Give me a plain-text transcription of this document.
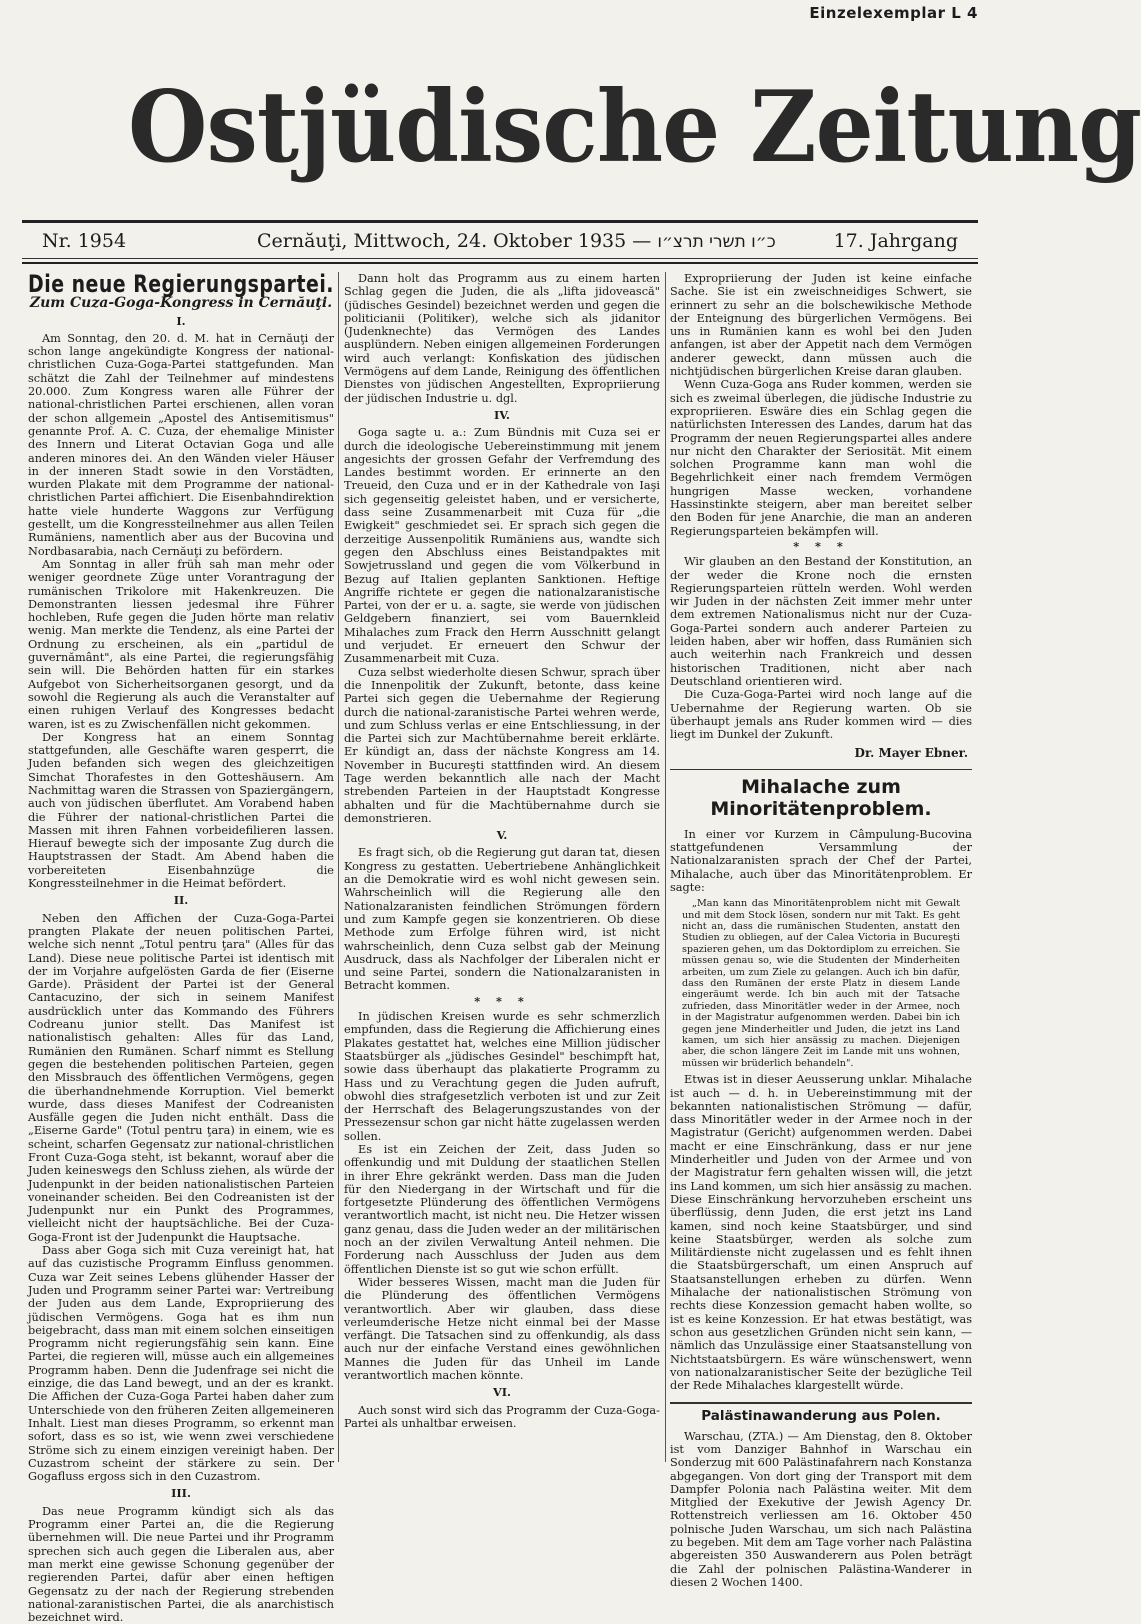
Einzelexemplar L 4
Ostjüdische Zeitung
Nr. 1954	Cernăuţi, Mittwoch, 24. Oktober 1935 — כ״ו תשרי תרצ״ו	17. Jahrgang
Die neue Regierungspartei.
Zum Cuza-Goga-Kongress in Cernăuţi.

I.

Am Sonntag, den 20. d. M. hat in Cernăuţi der schon lange angekündigte Kongress der national-christlichen Cuza-Goga-Partei stattgefunden. Man schätzt die Zahl der Teilnehmer auf mindestens 20.000. Zum Kongress waren alle Führer der national-christlichen Partei erschienen, allen voran der schon allgemein „Apostel des Antisemitismus" genannte Prof. A. C. Cuza, der ehemalige Minister des Innern und Literat Octavian Goga und alle anderen minores dei. An den Wänden vieler Häuser in der inneren Stadt sowie in den Vorstädten, wurden Plakate mit dem Programme der national-christlichen Partei affichiert. Die Eisenbahndirektion hatte viele hunderte Waggons zur Verfügung gestellt, um die Kongressteilnehmer aus allen Teilen Rumäniens, namentlich aber aus der Bucovina und Nordbasarabia, nach Cernăuţi zu befördern.

Am Sonntag in aller früh sah man mehr oder weniger geordnete Züge unter Vorantragung der rumänischen Trikolore mit Hakenkreuzen. Die Demonstranten liessen jedesmal ihre Führer hochleben, Rufe gegen die Juden hörte man relativ wenig. Man merkte die Tendenz, als eine Partei der Ordnung zu erscheinen, als ein „partidul de guvernământ", als eine Partei, die regierungsfähig sein will. Die Behörden hatten für ein starkes Aufgebot von Sicherheitsorganen gesorgt, und da sowohl die Regierung als auch die Veranstalter auf einen ruhigen Verlauf des Kongresses bedacht waren, ist es zu Zwischenfällen nicht gekommen.

Der Kongress hat an einem Sonntag stattgefunden, alle Geschäfte waren gesperrt, die Juden befanden sich wegen des gleichzeitigen Simchat Thorafestes in den Gotteshäusern. Am Nachmittag waren die Strassen von Spaziergängern, auch von jüdischen überflutet. Am Vorabend haben die Führer der national-christlichen Partei die Massen mit ihren Fahnen vorbeidefilieren lassen. Hierauf bewegte sich der imposante Zug durch die Hauptstrassen der Stadt. Am Abend haben die vorbereiteten Eisenbahnzüge die Kongressteilnehmer in die Heimat befördert.

II.

Neben den Affichen der Cuza-Goga-Partei prangten Plakate der neuen politischen Partei, welche sich nennt „Totul pentru ţara" (Alles für das Land). Diese neue politische Partei ist identisch mit der im Vorjahre aufgelösten Garda de fier (Eiserne Garde). Präsident der Partei ist der General Cantacuzino, der sich in seinem Manifest ausdrücklich unter das Kommando des Führers Codreanu junior stellt. Das Manifest ist nationalistisch gehalten: Alles für das Land, Rumänien den Rumänen. Scharf nimmt es Stellung gegen die bestehenden politischen Parteien, gegen den Missbrauch des öffentlichen Vermögens, gegen die überhandnehmende Korruption. Viel bemerkt wurde, dass dieses Manifest der Codreanisten Ausfälle gegen die Juden nicht enthält. Dass die „Eiserne Garde" (Totul pentru ţara) in einem, wie es scheint, scharfen Gegensatz zur national-christlichen Front Cuza-Goga steht, ist bekannt, worauf aber die Juden keineswegs den Schluss ziehen, als würde der Judenpunkt in der beiden nationalistischen Parteien voneinander scheiden. Bei den Codreanisten ist der Judenpunkt nur ein Punkt des Programmes, vielleicht nicht der hauptsächliche. Bei der Cuza-Goga-Front ist der Judenpunkt die Hauptsache.

Dass aber Goga sich mit Cuza vereinigt hat, hat auf das cuzistische Programm Einfluss genommen. Cuza war Zeit seines Lebens glühender Hasser der Juden und Programm seiner Partei war: Vertreibung der Juden aus dem Lande, Expropriierung des jüdischen Vermögens. Goga hat es ihm nun beigebracht, dass man mit einem solchen einseitigen Programm nicht regierungsfähig sein kann. Eine Partei, die regieren will, müsse auch ein allgemeines Programm haben. Denn die Judenfrage sei nicht die einzige, die das Land bewegt, und an der es krankt. Die Affichen der Cuza-Goga Partei haben daher zum Unterschiede von den früheren Zeiten allgemeineren Inhalt. Liest man dieses Programm, so erkennt man sofort, dass es so ist, wie wenn zwei verschiedene Ströme sich zu einem einzigen vereinigt haben. Der Cuzastrom scheint der stärkere zu sein. Der Gogafluss ergoss sich in den Cuzastrom.

III.

Das neue Programm kündigt sich als das Programm einer Partei an, die die Regierung übernehmen will. Die neue Partei und ihr Programm sprechen sich auch gegen die Liberalen aus, aber man merkt eine gewisse Schonung gegenüber der regierenden Partei, dafür aber einen heftigen Gegensatz zu der nach der Regierung strebenden national-zaranistischen Partei, die als anarchistisch bezeichnet wird.

Dann holt das Programm aus zu einem harten Schlag gegen die Juden, die als „lifta jidovească" (jüdisches Gesindel) bezeichnet werden und gegen die politicianii (Politiker), welche sich als jidanitor (Judenknechte) das Vermögen des Landes ausplündern. Neben einigen allgemeinen Forderungen wird auch verlangt: Konfiskation des jüdischen Vermögens auf dem Lande, Reinigung des öffentlichen Dienstes von jüdischen Angestellten, Expropriierung der jüdischen Industrie u. dgl.

IV.

Goga sagte u. a.: Zum Bündnis mit Cuza sei er durch die ideologische Uebereinstimmung mit jenem angesichts der grossen Gefahr der Verfremdung des Landes bestimmt worden. Er erinnerte an den Treueid, den Cuza und er in der Kathedrale von Iaşi sich gegenseitig geleistet haben, und er versicherte, dass seine Zusammenarbeit mit Cuza für „die Ewigkeit" geschmiedet sei. Er sprach sich gegen die derzeitige Aussenpolitik Rumäniens aus, wandte sich gegen den Abschluss eines Beistandpaktes mit Sowjetrussland und gegen die vom Völkerbund in Bezug auf Italien geplanten Sanktionen. Heftige Angriffe richtete er gegen die nationalzaranistische Partei, von der er u. a. sagte, sie werde von jüdischen Geldgebern finanziert, sei vom Bauernkleid Mihalaches zum Frack den Herrn Ausschnitt gelangt und verjudet. Er erneuert den Schwur der Zusammenarbeit mit Cuza.

Cuza selbst wiederholte diesen Schwur, sprach über die Innenpolitik der Zukunft, betonte, dass keine Partei sich gegen die Uebernahme der Regierung durch die national-zaranistische Partei wehren werde, und zum Schluss verlas er eine Entschliessung, in der die Partei sich zur Machtübernahme bereit erklärte. Er kündigt an, dass der nächste Kongress am 14. November in Bucureşti stattfinden wird. An diesem Tage werden bekanntlich alle nach der Macht strebenden Parteien in der Hauptstadt Kongresse abhalten und für die Machtübernahme durch sie demonstrieren.

V.

Es fragt sich, ob die Regierung gut daran tat, diesen Kongress zu gestatten. Uebertriebene Anhänglichkeit an die Demokratie wird es wohl nicht gewesen sein. Wahrscheinlich will die Regierung alle den Nationalzaranisten feindlichen Strömungen fördern und zum Kampfe gegen sie konzentrieren. Ob diese Methode zum Erfolge führen wird, ist nicht wahrscheinlich, denn Cuza selbst gab der Meinung Ausdruck, dass als Nachfolger der Liberalen nicht er und seine Partei, sondern die Nationalzaranisten in Betracht kommen.

* * *

In jüdischen Kreisen wurde es sehr schmerzlich empfunden, dass die Regierung die Affichierung eines Plakates gestattet hat, welches eine Million jüdischer Staatsbürger als „jüdisches Gesindel" beschimpft hat, sowie dass überhaupt das plakatierte Programm zu Hass und zu Verachtung gegen die Juden aufruft, obwohl dies strafgesetzlich verboten ist und zur Zeit der Herrschaft des Belagerungszustandes von der Pressezensur schon gar nicht hätte zugelassen werden sollen.

Es ist ein Zeichen der Zeit, dass Juden so offenkundig und mit Duldung der staatlichen Stellen in ihrer Ehre gekränkt werden. Dass man die Juden für den Niedergang in der Wirtschaft und für die fortgesetzte Plünderung des öffentlichen Vermögens verantwortlich macht, ist nicht neu. Die Hetzer wissen ganz genau, dass die Juden weder an der militärischen noch an der zivilen Verwaltung Anteil nehmen. Die Forderung nach Ausschluss der Juden aus dem öffentlichen Dienste ist so gut wie schon erfüllt.

Wider besseres Wissen, macht man die Juden für die Plünderung des öffentlichen Vermögens verantwortlich. Aber wir glauben, dass diese verleumderische Hetze nicht einmal bei der Masse verfängt. Die Tatsachen sind zu offenkundig, als dass auch nur der einfache Verstand eines gewöhnlichen Mannes die Juden für das Unheil im Lande verantwortlich machen könnte.

VI.

Auch sonst wird sich das Programm der Cuza-Goga-Partei als unhaltbar erweisen.

Expropriierung der Juden ist keine einfache Sache. Sie ist ein zweischneidiges Schwert, sie erinnert zu sehr an die bolschewikische Methode der Enteignung des bürgerlichen Vermögens. Bei uns in Rumänien kann es wohl bei den Juden anfangen, ist aber der Appetit nach dem Vermögen anderer geweckt, dann müssen auch die nichtjüdischen bürgerlichen Kreise daran glauben.

Wenn Cuza-Goga ans Ruder kommen, werden sie sich es zweimal überlegen, die jüdische Industrie zu expropriieren. Eswäre dies ein Schlag gegen die natürlichsten Interessen des Landes, darum hat das Programm der neuen Regierungspartei alles andere nur nicht den Charakter der Seriosität. Mit einem solchen Programme kann man wohl die Begehrlichkeit einer nach fremdem Vermögen hungrigen Masse wecken, vorhandene Hassinstinkte steigern, aber man bereitet selber den Boden für jene Anarchie, die man an anderen Regierungsparteien bekämpfen will.

* * *

Wir glauben an den Bestand der Konstitution, an der weder die Krone noch die ernsten Regierungsparteien rütteln werden. Wohl werden wir Juden in der nächsten Zeit immer mehr unter dem extremen Nationalismus nicht nur der Cuza-Goga-Partei sondern auch anderer Parteien zu leiden haben, aber wir hoffen, dass Rumänien sich auch weiterhin nach Frankreich und dessen historischen Traditionen, nicht aber nach Deutschland orientieren wird.

Die Cuza-Goga-Partei wird noch lange auf die Uebernahme der Regierung warten. Ob sie überhaupt jemals ans Ruder kommen wird — dies liegt im Dunkel der Zukunft.

Dr. Mayer Ebner.

Mihalache zum Minoritätenproblem.

In einer vor Kurzem in Câmpulung-Bucovina stattgefundenen Versammlung der Nationalzaranisten sprach der Chef der Partei, Mihalache, auch über das Minoritätenproblem. Er sagte:

„Man kann das Minoritätenproblem nicht mit Gewalt und mit dem Stock lösen, sondern nur mit Takt. Es geht nicht an, dass die rumänischen Studenten, anstatt den Studien zu obliegen, auf der Calea Victoria in Bucureşti spazieren gehen, um das Doktordiplom zu erreichen. Sie müssen genau so, wie die Studenten der Minderheiten arbeiten, um zum Ziele zu gelangen. Auch ich bin dafür, dass den Rumänen der erste Platz in diesem Lande eingeräumt werde. Ich bin auch mit der Tatsache zufrieden, dass Minoritätler weder in der Armee, noch in der Magistratur aufgenommen werden. Dabei bin ich gegen jene Minderheitler und Juden, die jetzt ins Land kamen, um sich hier ansässig zu machen. Diejenigen aber, die schon längere Zeit im Lande mit uns wohnen, müssen wir brüderlich behandeln".

Etwas ist in dieser Aeusserung unklar. Mihalache ist auch — d. h. in Uebereinstimmung mit der bekannten nationalistischen Strömung — dafür, dass Minoritätler weder in der Armee noch in der Magistratur (Gericht) aufgenommen werden. Dabei macht er eine Einschränkung, dass er nur jene Minderheitler und Juden von der Armee und von der Magistratur fern gehalten wissen will, die jetzt ins Land kommen, um sich hier ansässig zu machen. Diese Einschränkung hervorzuheben erscheint uns überflüssig, denn Juden, die erst jetzt ins Land kamen, sind noch keine Staatsbürger, und sind keine Staatsbürger, werden als solche zum Militärdienste nicht zugelassen und es fehlt ihnen die Staatsbürgerschaft, um einen Anspruch auf Staatsanstellungen erheben zu dürfen. Wenn Mihalache der nationalistischen Strömung von rechts diese Konzession gemacht haben wollte, so ist es keine Konzession. Er hat etwas bestätigt, was schon aus gesetzlichen Gründen nicht sein kann, — nämlich das Unzulässige einer Staatsanstellung von Nichtstaatsbürgern. Es wäre wünschenswert, wenn von nationalzaranistischer Seite der bezügliche Teil der Rede Mihalaches klargestellt würde.

Palästinawanderung aus Polen.

Warschau, (ZTA.) — Am Dienstag, den 8. Oktober ist vom Danziger Bahnhof in Warschau ein Sonderzug mit 600 Palästinafahrern nach Konstanza abgegangen. Von dort ging der Transport mit dem Dampfer Polonia nach Palästina weiter. Mit dem Mitglied der Exekutive der Jewish Agency Dr. Rottenstreich verliessen am 16. Oktober 450 polnische Juden Warschau, um sich nach Palästina zu begeben. Mit dem am Tage vorher nach Palästina abgereisten 350 Auswanderern aus Polen beträgt die Zahl der polnischen Palästina-Wanderer in diesen 2 Wochen 1400.
